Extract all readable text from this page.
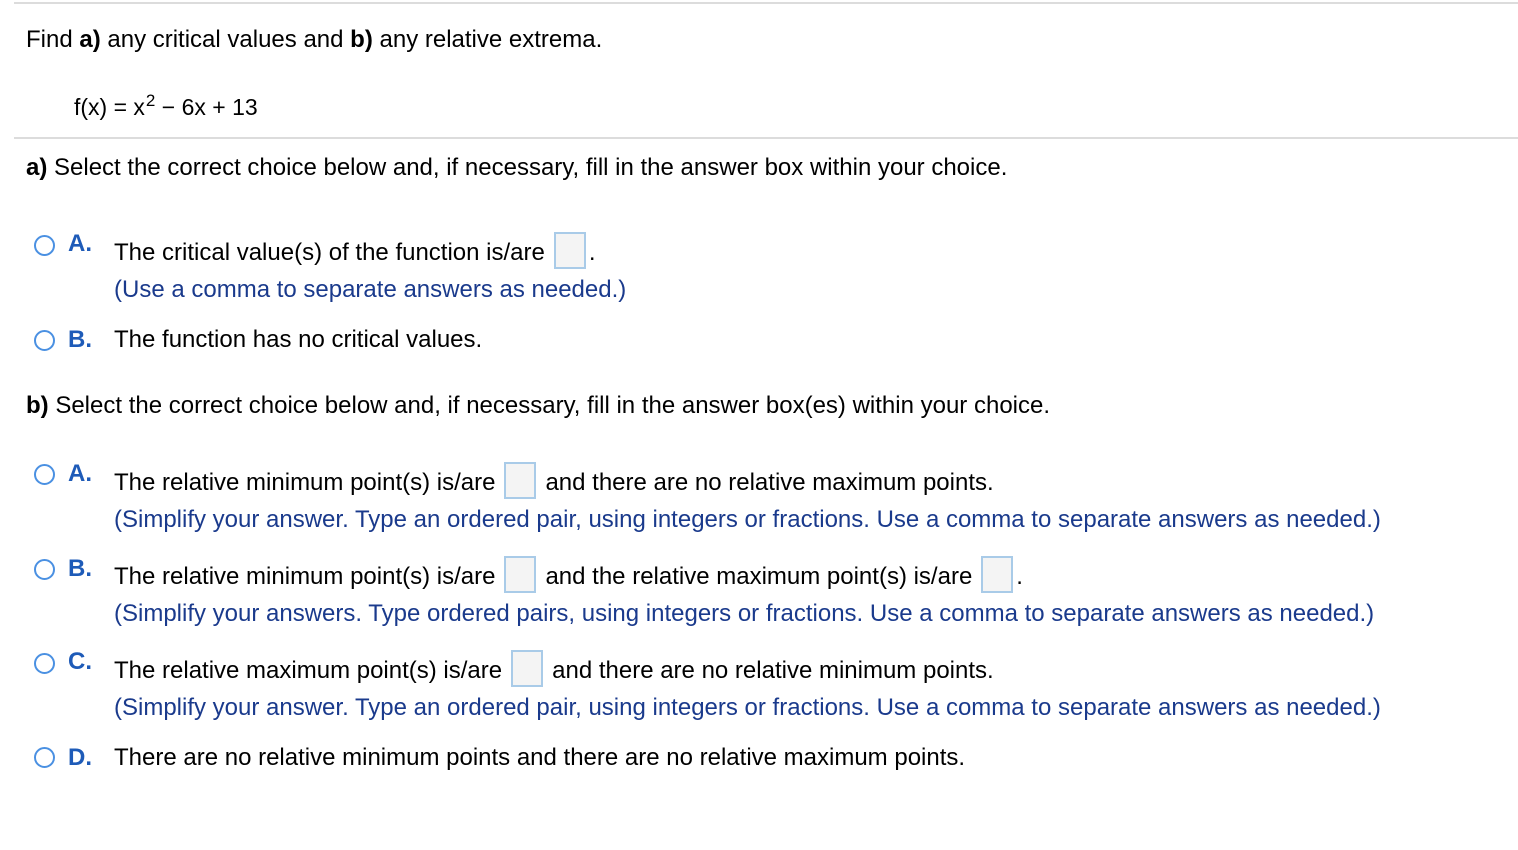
Find a) any critical values and b) any relative extrema.
$f(x) = x^2 - 6x + 13$
a) Select the correct choice below and, if necessary, fill in the answer box within your choice.
A. The critical value(s) of the function is/are .
(Use a comma to separate answers as needed.)
B. The function has no critical values.
b) Select the correct choice below and, if necessary, fill in the answer box(es) within your choice.
A. The relative minimum point(s) is/are and there are no relative maximum points.
(Simplify your answer. Type an ordered pair, using integers or fractions. Use a comma to separate answers as needed.)
B. The relative minimum point(s) is/are and the relative maximum point(s) is/are .
(Simplify your answers. Type ordered pairs, using integers or fractions. Use a comma to separate answers as needed.)
C. The relative maximum point(s) is/are and there are no relative minimum points.
(Simplify your answer. Type an ordered pair, using integers or fractions. Use a comma to separate answers as needed.)
D. There are no relative minimum points and there are no relative maximum points.
